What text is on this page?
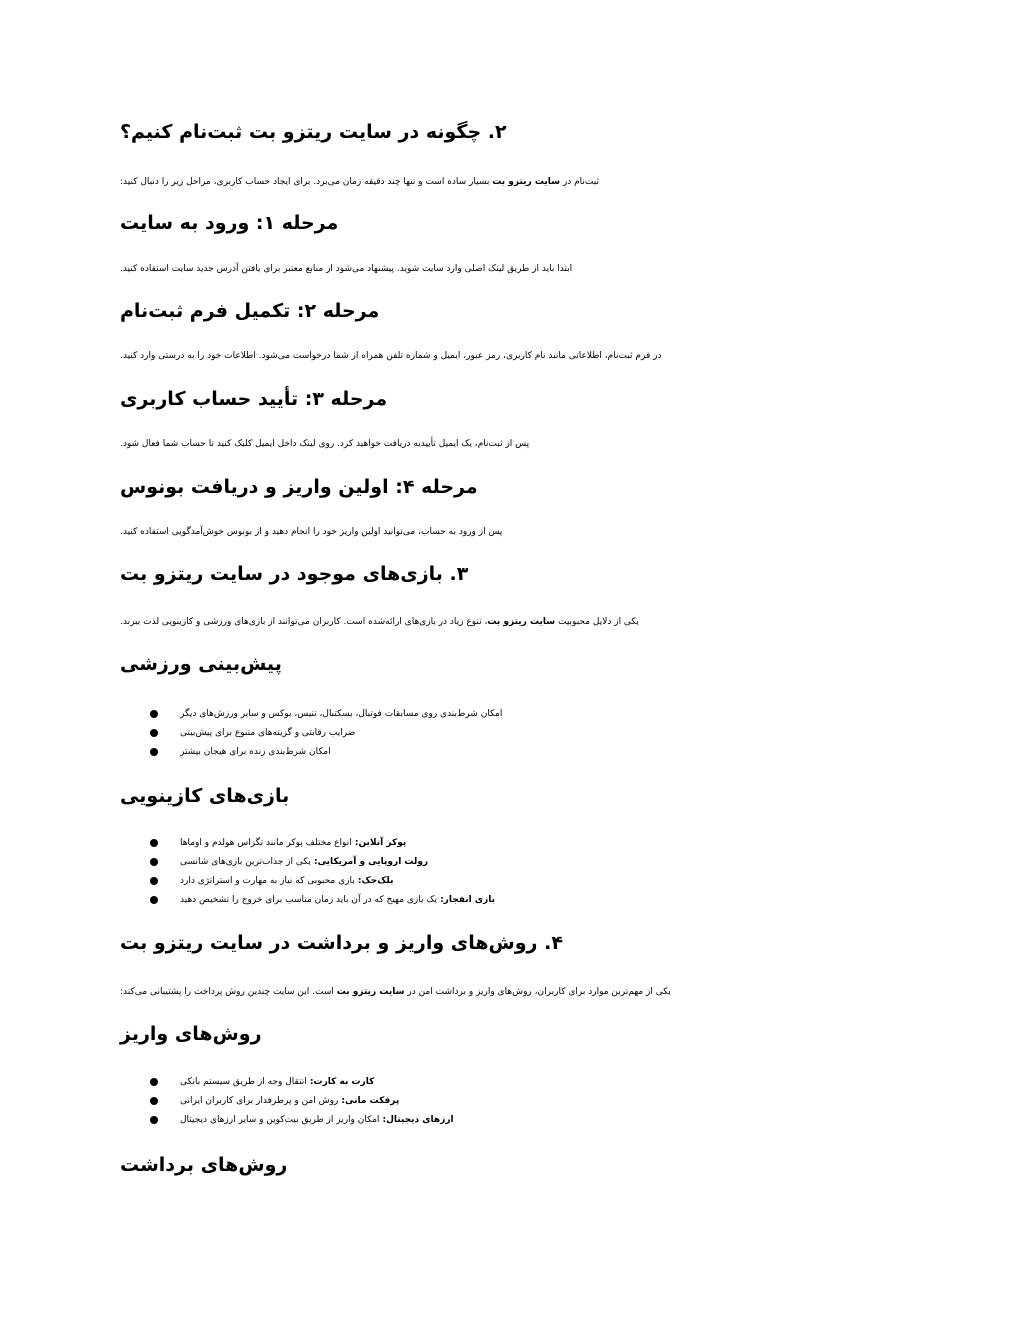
۲. چگونه در سایت ریتزو بت ثبت‌نام کنیم؟
ثبت‌نام در سایت ریتزو بت بسیار ساده است و تنها چند دقیقه زمان می‌برد. برای ایجاد حساب کاربری، مراحل زیر را دنبال کنید:
مرحله ۱: ورود به سایت
ابتدا باید از طریق لینک اصلی وارد سایت شوید. پیشنهاد می‌شود از منابع معتبر برای یافتن آدرس جدید سایت استفاده کنید.
مرحله ۲: تکمیل فرم ثبت‌نام
در فرم ثبت‌نام، اطلاعاتی مانند نام کاربری، رمز عبور، ایمیل و شماره تلفن همراه از شما درخواست می‌شود. اطلاعات خود را به درستی وارد کنید.
مرحله ۳: تأیید حساب کاربری
پس از ثبت‌نام، یک ایمیل تأییدیه دریافت خواهید کرد. روی لینک داخل ایمیل کلیک کنید تا حساب شما فعال شود.
مرحله ۴: اولین واریز و دریافت بونوس
پس از ورود به حساب، می‌توانید اولین واریز خود را انجام دهید و از بونوس خوش‌آمدگویی استفاده کنید.
۳. بازی‌های موجود در سایت ریتزو بت
یکی از دلایل محبوبیت سایت ریتزو بت، تنوع زیاد در بازی‌های ارائه‌شده است. کاربران می‌توانند از بازی‌های ورزشی و کازینویی لذت ببرند.
پیش‌بینی ورزشی
امکان شرط‌بندی روی مسابقات فوتبال، بسکتبال، تنیس، بوکس و سایر ورزش‌های دیگر
ضرایب رقابتی و گزینه‌های متنوع برای پیش‌بینی
امکان شرط‌بندی زنده برای هیجان بیشتر
بازی‌های کازینویی
پوکر آنلاین: انواع مختلف پوکر مانند تگزاس هولدم و اوماها
رولت اروپایی و آمریکایی: یکی از جذاب‌ترین بازی‌های شانسی
بلک‌جک: بازی محبوبی که نیاز به مهارت و استراتژی دارد
بازی انفجار: یک بازی مهیج که در آن باید زمان مناسب برای خروج را تشخیص دهید
۴. روش‌های واریز و برداشت در سایت ریتزو بت
یکی از مهم‌ترین موارد برای کاربران، روش‌های واریز و برداشت امن در سایت ریتزو بت است. این سایت چندین روش پرداخت را پشتیبانی می‌کند:
روش‌های واریز
کارت به کارت: انتقال وجه از طریق سیستم بانکی
پرفکت مانی: روش امن و پرطرفدار برای کاربران ایرانی
ارزهای دیجیتال: امکان واریز از طریق بیت‌کوین و سایر ارزهای دیجیتال
روش‌های برداشت
